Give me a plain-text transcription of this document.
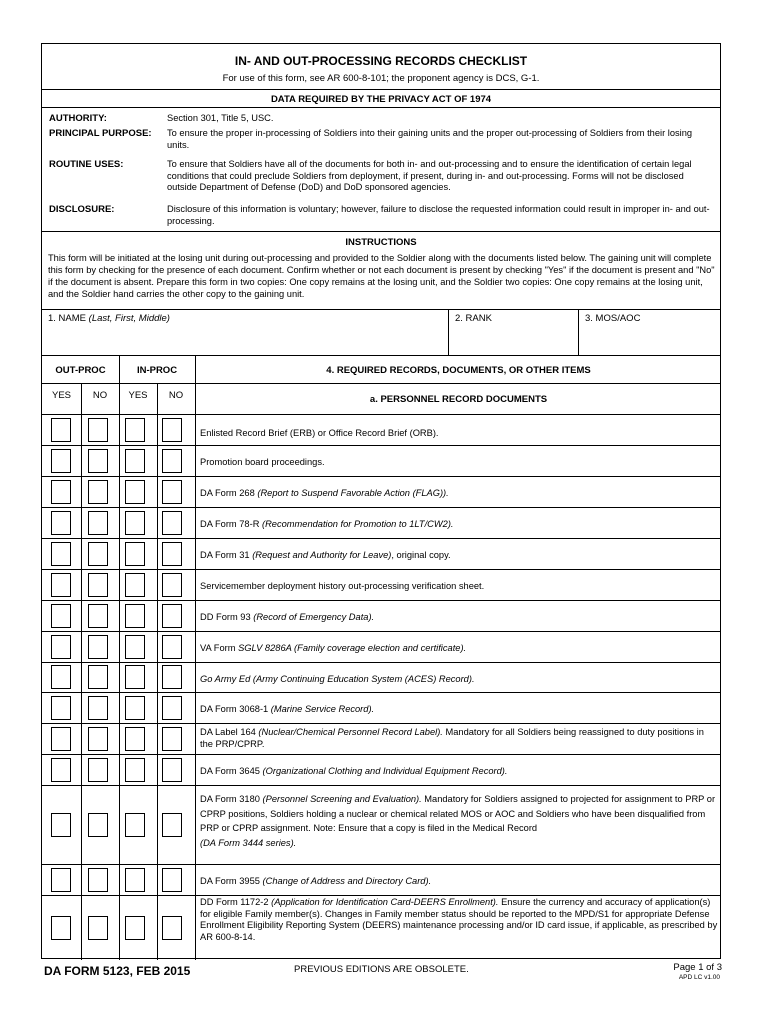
IN- AND OUT-PROCESSING RECORDS CHECKLIST
For use of this form, see AR 600-8-101; the proponent agency is DCS, G-1.
DATA REQUIRED BY THE PRIVACY ACT OF 1974
AUTHORITY:	Section 301, Title 5, USC.
PRINCIPAL PURPOSE: To ensure the proper in-processing of Soldiers into their gaining units and the proper out-processing of Soldiers from their losing units.
ROUTINE USES:	To ensure that Soldiers have all of the documents for both in- and out-processing and to ensure the identification of certain legal conditions that could preclude Soldiers from deployment, if present, during in- and out-processing. Forms will not be disclosed outside Department of Defense (DoD) and DoD sponsored agencies.
DISCLOSURE:	Disclosure of this information is voluntary; however, failure to disclose the requested information could result in improper in- and out-processing.
INSTRUCTIONS
This form will be initiated at the losing unit during out-processing and provided to the Soldier along with the documents listed below. The gaining unit will complete this form by checking for the presence of each document. Confirm whether or not each document is present by checking "Yes" if the document is present and "No" if the document is absent. Prepare this form in two copies: One copy remains at the losing unit, and the Soldier two copies: One copy remains at the losing unit, and the Soldier hand carries the other copy to the gaining unit.
1. NAME (Last, First, Middle)	2. RANK	3. MOS/AOC
OUT-PROC	IN-PROC	4. REQUIRED RECORDS, DOCUMENTS, OR OTHER ITEMS
YES	NO	YES	NO	a. PERSONNEL RECORD DOCUMENTS
Enlisted Record Brief (ERB) or Office Record Brief (ORB).
Promotion board proceedings.
DA Form 268 (Report to Suspend Favorable Action (FLAG)).
DA Form 78-R (Recommendation for Promotion to 1LT/CW2).
DA Form 31 (Request and Authority for Leave), original copy.
Servicemember deployment history out-processing verification sheet.
DD Form 93 (Record of Emergency Data).
VA Form SGLV 8286A (Family coverage election and certificate).
Go Army Ed (Army Continuing Education System (ACES) Record).
DA Form 3068-1 (Marine Service Record).
DA Label 164 (Nuclear/Chemical Personnel Record Label). Mandatory for all Soldiers being reassigned to duty positions in the PRP/CPRP.
DA Form 3645 (Organizational Clothing and Individual Equipment Record).
DA Form 3180 (Personnel Screening and Evaluation). Mandatory for Soldiers assigned to projected for assignment to PRP or CPRP positions, Soldiers holding a nuclear or chemical related MOS or AOC and Soldiers who have been disqualified from PRP or CPRP assignment. Note: Ensure that a copy is filed in the Medical Record
(DA Form 3444 series).
DA Form 3955 (Change of Address and Directory Card).
DD Form 1172-2 (Application for Identification Card-DEERS Enrollment). Ensure the currency and accuracy of application(s) for eligible Family member(s). Changes in Family member status should be reported to the MPD/S1 for appropriate Defense Enrollment Eligibility Reporting System (DEERS) maintenance processing and/or ID card issue, if applicable, as prescribed by AR 600-8-14.
DA FORM 5123, FEB 2015	PREVIOUS EDITIONS ARE OBSOLETE.	Page 1 of 3
APD LC v1.00
